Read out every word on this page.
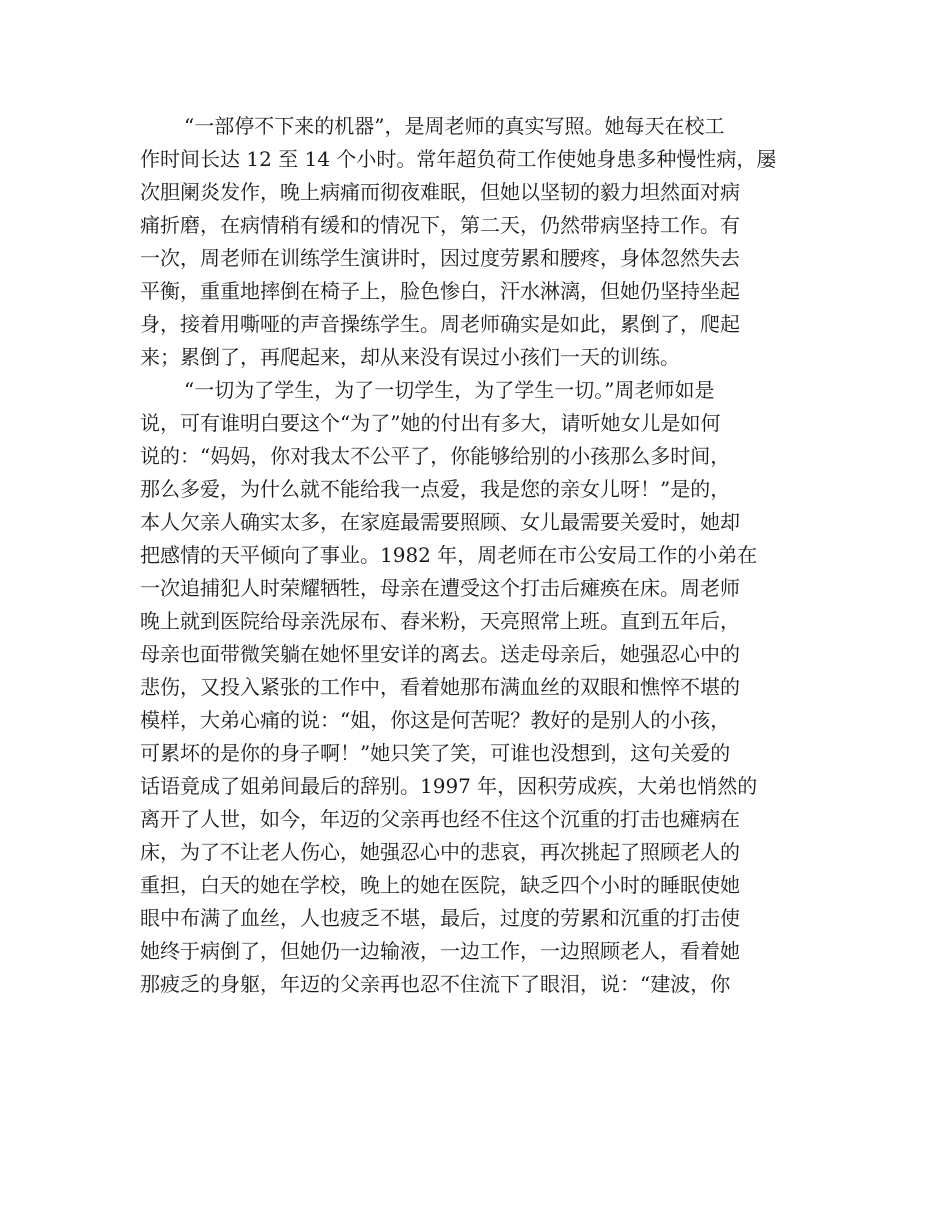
“一部停不下来的机器”，是周老师的真实写照。她每天在校工
作时间长达 12 至 14 个小时。常年超负荷工作使她身患多种慢性病，屡
次胆阑炎发作，晚上病痛而彻夜难眠，但她以坚韧的毅力坦然面对病
痛折磨，在病情稍有缓和的情况下，第二天，仍然带病坚持工作。有
一次，周老师在训练学生演讲时，因过度劳累和腰疼，身体忽然失去
平衡，重重地摔倒在椅子上，脸色惨白，汗水淋漓，但她仍坚持坐起
身，接着用嘶哑的声音操练学生。周老师确实是如此，累倒了，爬起
来；累倒了，再爬起来，却从来没有误过小孩们一天的训练。
“一切为了学生，为了一切学生，为了学生一切。”周老师如是
说，可有谁明白要这个“为了”她的付出有多大，请听她女儿是如何
说的：“妈妈，你对我太不公平了，你能够给别的小孩那么多时间，
那么多爱，为什么就不能给我一点爱，我是您的亲女儿呀！”是的，
本人欠亲人确实太多，在家庭最需要照顾、女儿最需要关爱时，她却
把感情的天平倾向了事业。1982 年，周老师在市公安局工作的小弟在
一次追捕犯人时荣耀牺牲，母亲在遭受这个打击后瘫痪在床。周老师
晚上就到医院给母亲洗尿布、舂米粉，天亮照常上班。直到五年后，
母亲也面带微笑躺在她怀里安详的离去。送走母亲后，她强忍心中的
悲伤，又投入紧张的工作中，看着她那布满血丝的双眼和憔悴不堪的
模样，大弟心痛的说：“姐，你这是何苦呢？教好的是别人的小孩，
可累坏的是你的身子啊！”她只笑了笑，可谁也没想到，这句关爱的
话语竟成了姐弟间最后的辞别。1997 年，因积劳成疾，大弟也悄然的
离开了人世，如今，年迈的父亲再也经不住这个沉重的打击也瘫病在
床，为了不让老人伤心，她强忍心中的悲哀，再次挑起了照顾老人的
重担，白天的她在学校，晚上的她在医院，缺乏四个小时的睡眠使她
眼中布满了血丝，人也疲乏不堪，最后，过度的劳累和沉重的打击使
她终于病倒了，但她仍一边输液，一边工作，一边照顾老人，看着她
那疲乏的身躯，年迈的父亲再也忍不住流下了眼泪，说：“建波，你
